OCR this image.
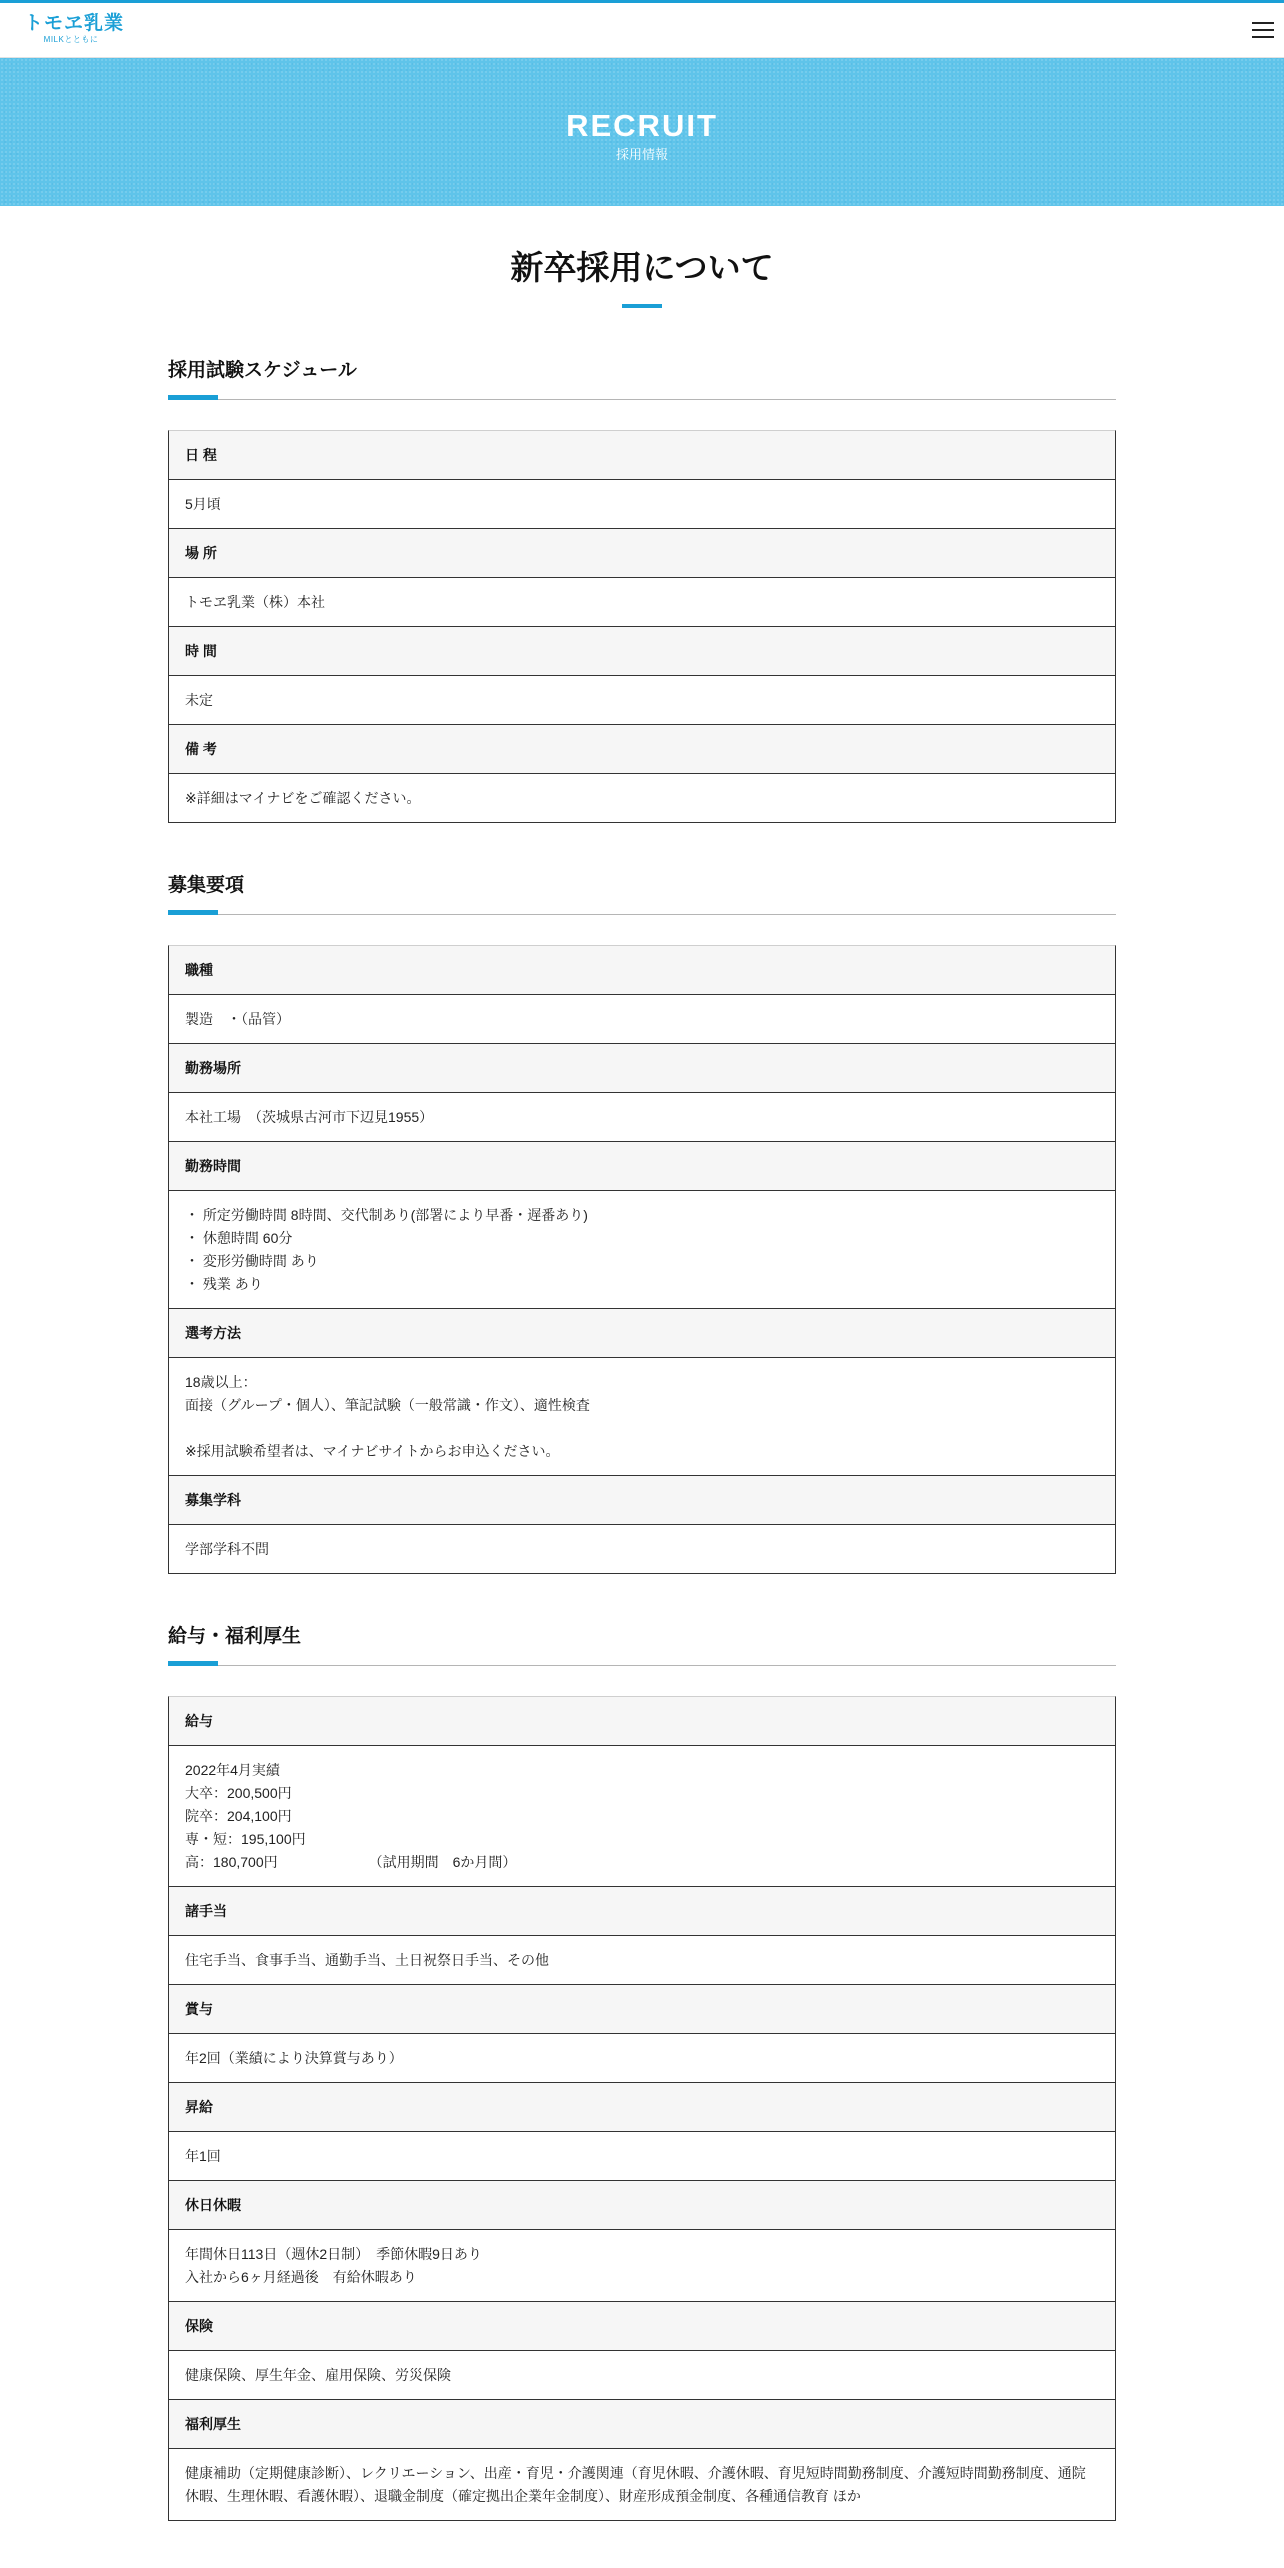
トモヱ乳業
MILKとともに
RECRUIT
採用情報
新卒採用について
採用試験スケジュール
日 程
5月頃
場 所
トモヱ乳業（株）本社
時 間
未定
備 考
※詳細はマイナビをご確認ください。
募集要項
職種
製造　・（品管）
勤務場所
本社工場　（茨城県古河市下辺見1955）
勤務時間
・ 所定労働時間 8時間、交代制あり(部署により早番・遅番あり)
・ 休憩時間 60分
・ 変形労働時間 あり
・ 残業 あり
選考方法
18歳以上：
面接（グループ・個人）、筆記試験（一般常識・作文）、適性検査

※採用試験希望者は、マイナビサイトからお申込ください。
募集学科
学部学科不問
給与・福利厚生
給与
2022年4月実績
大卒：200,500円
院卒：204,100円
専・短：195,100円
高：180,700円　　　　　　　（試用期間　6か月間）
諸手当
住宅手当、食事手当、通勤手当、土日祝祭日手当、その他
賞与
年2回（業績により決算賞与あり）
昇給
年1回
休日休暇
年間休日113日（週休2日制）　季節休暇9日あり
入社から6ヶ月経過後　有給休暇あり
保険
健康保険、厚生年金、雇用保険、労災保険
福利厚生
健康補助（定期健康診断）、レクリエーション、出産・育児・介護関連（育児休暇、介護休暇、育児短時間勤務制度、介護短時間勤務制度、通院休暇、生理休暇、看護休暇）、退職金制度（確定拠出企業年金制度）、財産形成預金制度、各種通信教育 ほか
